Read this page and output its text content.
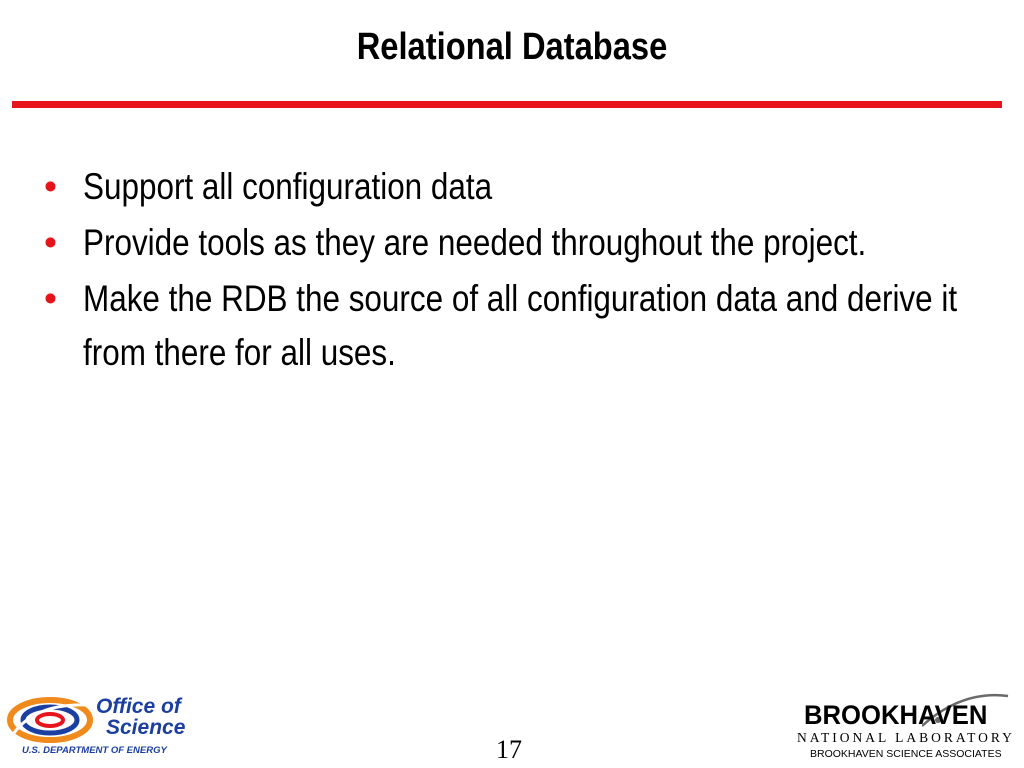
Relational Database
• Support all configuration data
• Provide tools as they are needed throughout the project.
• Make the RDB the source of all configuration data and derive it from there for all uses.
Office of
Science
U.S. DEPARTMENT OF ENERGY	17
BROOKHAVEN
NATIONAL LABORATORY
BROOKHAVEN SCIENCE ASSOCIATES
